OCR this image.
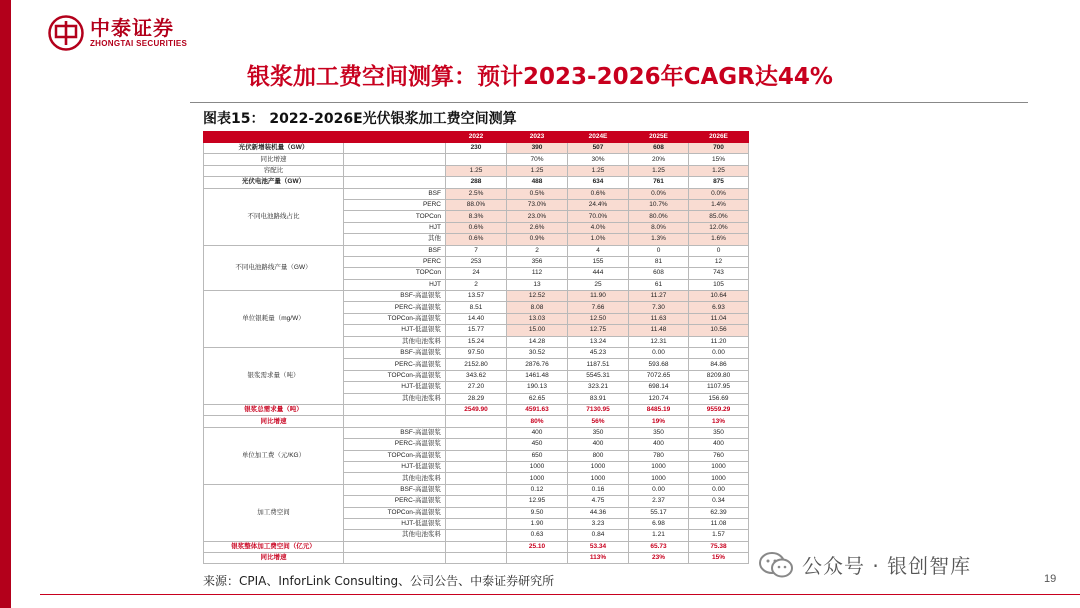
中泰证券
ZHONGTAI SECURITIES
银浆加工费空间测算：预计2023-2026年CAGR达44%
图表15： 2022-2026E光伏银浆加工费空间测算
		2022	2023	2024E	2025E	2026E
光伏新增装机量（GW）		230	390	507	608	700
同比增速			70%	30%	20%	15%
容配比		1.25	1.25	1.25	1.25	1.25
光伏电池产量（GW）		288	488	634	761	875
不同电池路线占比	BSF	2.5%	0.5%	0.6%	0.0%	0.0%
	PERC	88.0%	73.0%	24.4%	10.7%	1.4%
	TOPCon	8.3%	23.0%	70.0%	80.0%	85.0%
	HJT	0.6%	2.6%	4.0%	8.0%	12.0%
	其他	0.6%	0.9%	1.0%	1.3%	1.6%
不同电池路线产量（GW）	BSF	7	2	4	0	0
	PERC	253	356	155	81	12
	TOPCon	24	112	444	608	743
	HJT	2	13	25	61	105
单位银耗量（mg/W）	BSF-高温银浆	13.57	12.52	11.90	11.27	10.64
	PERC-高温银浆	8.51	8.08	7.66	7.30	6.93
	TOPCon-高温银浆	14.40	13.03	12.50	11.63	11.04
	HJT-低温银浆	15.77	15.00	12.75	11.48	10.56
	其他电池浆料	15.24	14.28	13.24	12.31	11.20
银浆需求量（吨）	BSF-高温银浆	97.50	30.52	45.23	0.00	0.00
	PERC-高温银浆	2152.80	2876.76	1187.51	593.68	84.86
	TOPCon-高温银浆	343.62	1461.48	5545.31	7072.65	8209.80
	HJT-低温银浆	27.20	190.13	323.21	698.14	1107.95
	其他电池浆料	28.29	62.65	83.91	120.74	156.69
银浆总需求量（吨）		2549.90	4591.63	7130.95	8485.19	9559.29
同比增速			80%	56%	19%	13%
单位加工费（元/KG）	BSF-高温银浆		400	350	350	350
	PERC-高温银浆		450	400	400	400
	TOPCon-高温银浆		650	800	780	760
	HJT-低温银浆		1000	1000	1000	1000
	其他电池浆料		1000	1000	1000	1000
加工费空间	BSF-高温银浆		0.12	0.16	0.00	0.00
	PERC-高温银浆		12.95	4.75	2.37	0.34
	TOPCon-高温银浆		9.50	44.36	55.17	62.39
	HJT-低温银浆		1.90	3.23	6.98	11.08
	其他电池浆料		0.63	0.84	1.21	1.57
银浆整体加工费空间（亿元）			25.10	53.34	65.73	75.38
同比增速				113%	23%	15%
来源：CPIA、InforLink Consulting、公司公告、中泰证券研究所
公众号 · 银创智库
19
